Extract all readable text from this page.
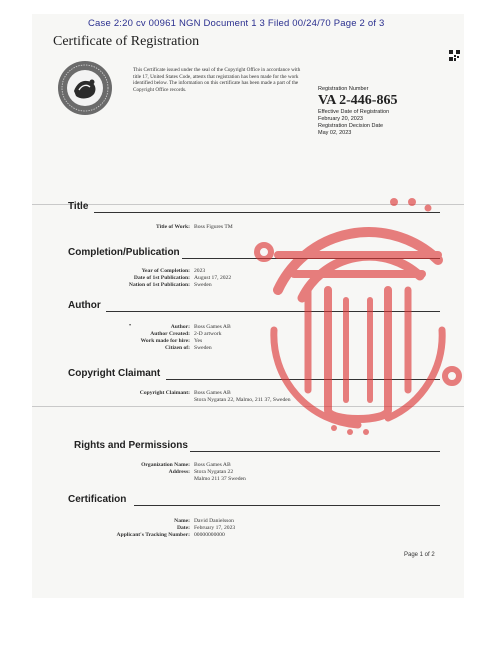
Case 2:20 cv 00961 NGN Document 1 3 Filed 00/24/70 Page 2 of 3
Certificate of Registration
This Certificate issued under the seal of the Copyright Office in accordance with title 17, United States Code, attests that registration has been made for the work identified below. The information on this certificate has been made a part of the Copyright Office records.	Registration Number
VA 2-446-865
Effective Date of Registration
February 20, 2023
Registration Decision Date
May 02, 2023
Title
Title of Work: Boss Figures TM
Completion/Publication
Year of Completion: 2023
Date of 1st Publication: August 17, 2022
Nation of 1st Publication: Sweden
Author
•	Author: Boss Games AB
Author Created: 2-D artwork
Work made for hire: Yes
Citizen of: Sweden
Copyright Claimant
Copyright Claimant: Boss Games AB
Stora Nygatan 22, Malmo, 211 37, Sweden
Rights and Permissions
Organization Name: Boss Games AB
Address: Stora Nygatan 22
Malmo 211 37 Sweden
Certification
Name: David Danielsson
Date: February 17, 2023
Applicant's Tracking Number: 00000000000
Page 1 of 2
